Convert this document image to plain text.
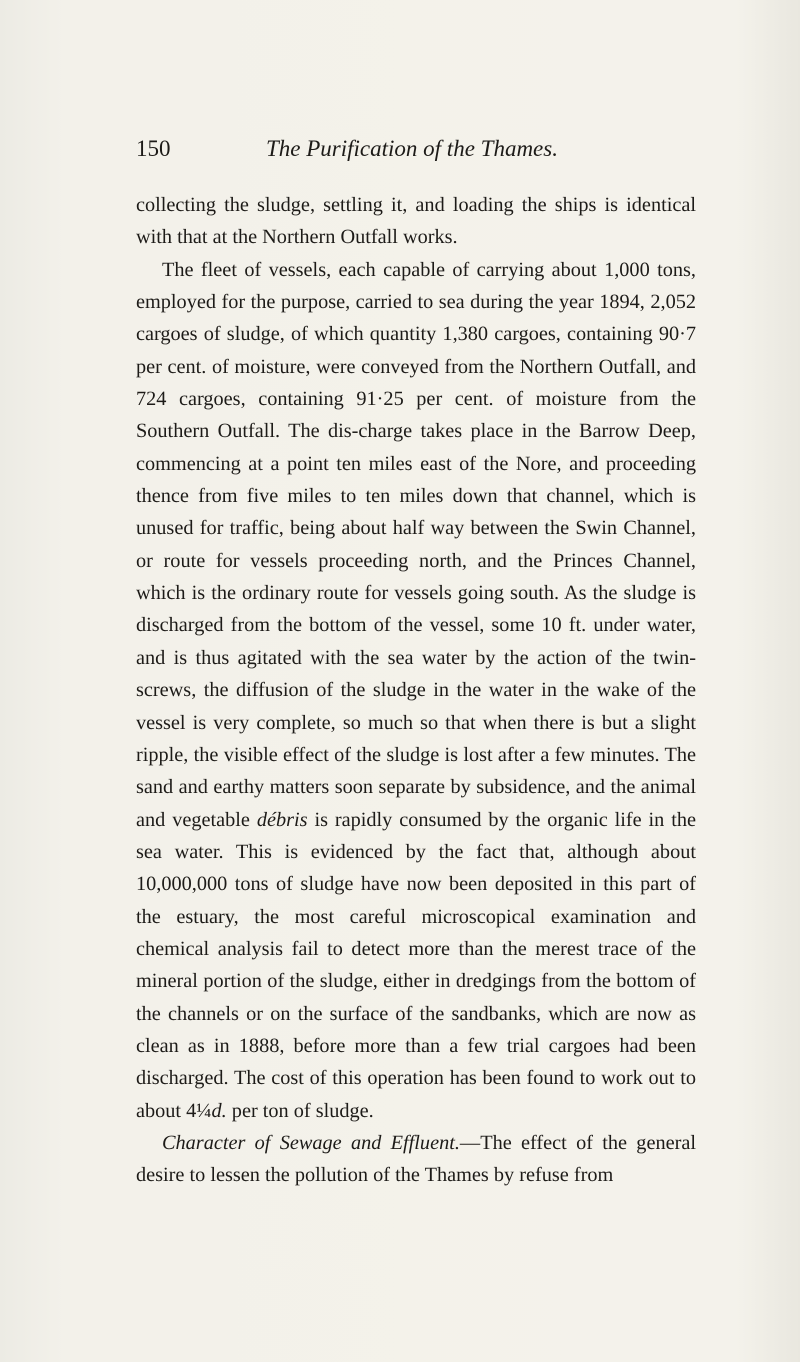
150	The Purification of the Thames.

collecting the sludge, settling it, and loading the ships is identical with that at the Northern Outfall works.

The fleet of vessels, each capable of carrying about 1,000 tons, employed for the purpose, carried to sea during the year 1894, 2,052 cargoes of sludge, of which quantity 1,380 cargoes, containing 90·7 per cent. of moisture, were conveyed from the Northern Outfall, and 724 cargoes, containing 91·25 per cent. of moisture from the Southern Outfall. The dis-charge takes place in the Barrow Deep, commencing at a point ten miles east of the Nore, and proceeding thence from five miles to ten miles down that channel, which is unused for traffic, being about half way between the Swin Channel, or route for vessels proceeding north, and the Princes Channel, which is the ordinary route for vessels going south. As the sludge is discharged from the bottom of the vessel, some 10 ft. under water, and is thus agitated with the sea water by the action of the twin-screws, the diffusion of the sludge in the water in the wake of the vessel is very complete, so much so that when there is but a slight ripple, the visible effect of the sludge is lost after a few minutes. The sand and earthy matters soon separate by subsidence, and the animal and vegetable débris is rapidly consumed by the organic life in the sea water. This is evidenced by the fact that, although about 10,000,000 tons of sludge have now been deposited in this part of the estuary, the most careful microscopical examination and chemical analysis fail to detect more than the merest trace of the mineral portion of the sludge, either in dredgings from the bottom of the channels or on the surface of the sandbanks, which are now as clean as in 1888, before more than a few trial cargoes had been discharged. The cost of this operation has been found to work out to about 4¼d. per ton of sludge.

Character of Sewage and Effluent.—The effect of the general desire to lessen the pollution of the Thames by refuse from
